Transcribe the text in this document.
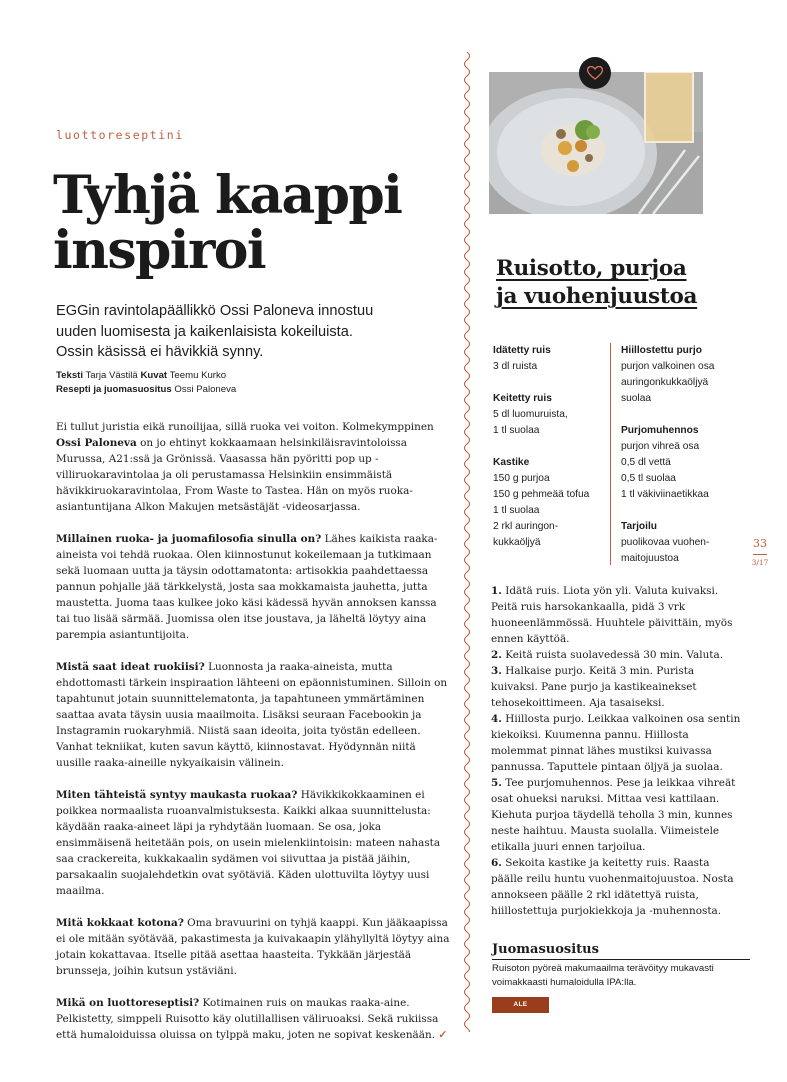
luottoreseptini
Tyhjä kaappi inspiroi

EGGin ravintolapäällikkö Ossi Paloneva innostuu uuden luomisesta ja kaikenlaisista kokeiluista. Ossin käsissä ei hävikkiä synny.

Teksti Tarja Västilä Kuvat Teemu Kurko
Resepti ja juomasuositus Ossi Paloneva

Ei tullut juristia eikä runoilijaa, sillä ruoka vei voiton. Kolmekymppinen Ossi Paloneva on jo ehtinyt kokkaamaan helsinkiläisravintoloissa Murussa, A21:ssä ja Grönissä. Vaasassa hän pyöritti pop up -villiruokaravintolaa ja oli perustamassa Helsinkiin ensimmäistä hävikkiruokaravintolaa, From Waste to Tastea. Hän on myös ruoka-asiantuntijana Alkon Makujen metsästäjät -videosarjassa.

Millainen ruoka- ja juomafilosofia sinulla on? Lähes kaikista raaka-aineista voi tehdä ruokaa. Olen kiinnostunut kokeilemaan ja tutkimaan sekä luomaan uutta ja täysin odottamatonta: artisokkia paahdettaessa pannun pohjalle jää tärkkelystä, josta saa mokkamaista jauhetta, jutta maustetta. Juoma taas kulkee joko käsi kädessä hyvän annoksen kanssa tai tuo lisää särmää. Juomissa olen itse joustava, ja läheltä löytyy aina parempia asiantuntijoita.

Mistä saat ideat ruokiisi? Luonnosta ja raaka-aineista, mutta ehdottomasti tärkein inspiraation lähteeni on epäonnistuminen. Silloin on tapahtunut jotain suunnittelematonta, ja tapahtuneen ymmärtäminen saattaa avata täysin uusia maailmoita. Lisäksi seuraan Facebookin ja Instagramin ruokaryhmiä. Niistä saan ideoita, joita työstän edelleen. Vanhat tekniikat, kuten savun käyttö, kiinnostavat. Hyödynnän niitä uusille raaka-aineille nykyaikaisin välinein.

Miten tähteistä syntyy maukasta ruokaa? Hävikkikokkaaminen ei poikkea normaalista ruoanvalmistuksesta. Kaikki alkaa suunnittelusta: käydään raaka-aineet läpi ja ryhdytään luomaan. Se osa, joka ensimmäisenä heitetään pois, on usein mielenkiintoisin: mateen nahasta saa crackereita, kukkakaalin sydämen voi siivuttaa ja pistää jäihin, parsakaalin suojalehdetkin ovat syötäviä. Käden ulottuvilta löytyy uusi maailma.

Mitä kokkaat kotona? Oma bravuurini on tyhjä kaappi. Kun jääkaapissa ei ole mitään syötävää, pakastimesta ja kuivakaapin ylähyllyltä löytyy aina jotain kokattavaa. Itselle pitää asettaa haasteita. Tykkään järjestää brunsseja, joihin kutsun ystäviäni.

Mikä on luottoreseptisi? Kotimainen ruis on maukas raaka-aine. Pelkistetty, simppeli Ruisotto käy olutillallisen väliruoaksi. Sekä rukiissa että humaloiduissa oluissa on tylppä maku, joten ne sopivat keskenään. ✓

Ruisotto, purjoa
ja vuohenjuustoa
Idätetty ruis
3 dl ruista
Keitetty ruis
5 dl luomuruista,
1 tl suolaa
Kastike
150 g purjoa
150 g pehmeää tofua
1 tl suolaa
2 rkl auringon-
kukkaöljyä
Hiillostettu purjo
purjon valkoinen osa
auringonkukkaöljyä
suolaa
Purjomuhennos
purjon vihreä osa
0,5 dl vettä
0,5 tl suolaa
1 tl väkiviinaetikkaa
Tarjoilu
puolikovaa vuohen-
maitojuustoa
33
3/17
1. Idätä ruis. Liota yön yli. Valuta kuivaksi. Peitä ruis harsokankaalla, pidä 3 vrk huoneenlämmössä. Huuhtele päivittäin, myös ennen käyttöä.
2. Keitä ruista suolavedessä 30 min. Valuta.
3. Halkaise purjo. Keitä 3 min. Purista kuivaksi. Pane purjo ja kastikeainekset tehosekoittimeen. Aja tasaiseksi.
4. Hiillosta purjo. Leikkaa valkoinen osa sentin kiekoiksi. Kuumenna pannu. Hiillosta molemmat pinnat lähes mustiksi kuivassa pannussa. Taputtele pintaan öljyä ja suolaa.
5. Tee purjomuhennos. Pese ja leikkaa vihreät osat ohueksi naruksi. Mittaa vesi kattilaan. Kiehuta purjoa täydellä teholla 3 min, kunnes neste haihtuu. Mausta suolalla. Viimeistele etikalla juuri ennen tarjoilua.
6. Sekoita kastike ja keitetty ruis. Raasta päälle reilu huntu vuohenmaitojuustoa. Nosta annokseen päälle 2 rkl idätettyä ruista, hiillostettuja purjokiekkoja ja -muhennosta.
Juomasuositus
Ruisoton pyöreä makumaailma terävöityy mukavasti voimakkaasti humaloidulla IPA:lla.
ALE
